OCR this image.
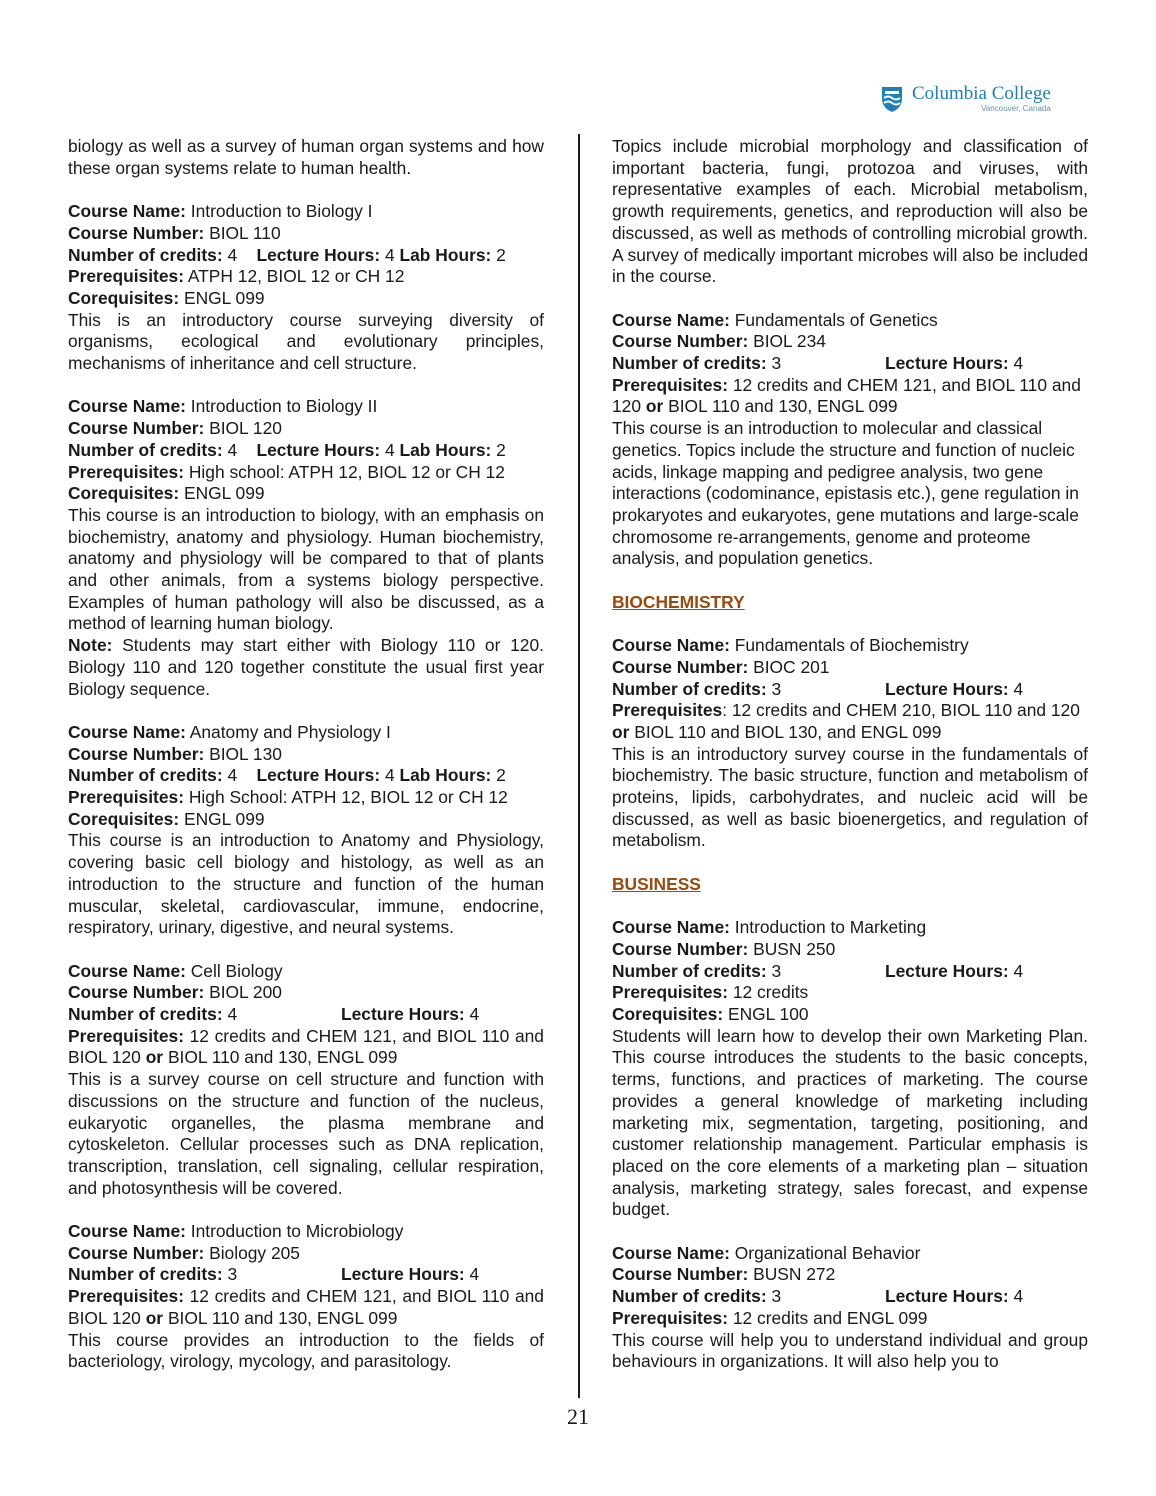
Columbia College
Vancouver, Canada

biology as well as a survey of human organ systems and how these organ systems relate to human health.

Course Name: Introduction to Biology I

Course Number: BIOL 110

Number of credits: 4 Lecture Hours: 4 Lab Hours: 2

Prerequisites: ATPH 12, BIOL 12 or CH 12

Corequisites: ENGL 099

This is an introductory course surveying diversity of organisms, ecological and evolutionary principles, mechanisms of inheritance and cell structure.

Course Name: Introduction to Biology II

Course Number: BIOL 120

Number of credits: 4 Lecture Hours: 4 Lab Hours: 2

Prerequisites: High school: ATPH 12, BIOL 12 or CH 12

Corequisites: ENGL 099

This course is an introduction to biology, with an emphasis on biochemistry, anatomy and physiology. Human biochemistry, anatomy and physiology will be compared to that of plants and other animals, from a systems biology perspective. Examples of human pathology will also be discussed, as a method of learning human biology.

Note: Students may start either with Biology 110 or 120. Biology 110 and 120 together constitute the usual first year Biology sequence.

Course Name: Anatomy and Physiology I

Course Number: BIOL 130

Number of credits: 4 Lecture Hours: 4 Lab Hours: 2

Prerequisites: High School: ATPH 12, BIOL 12 or CH 12

Corequisites: ENGL 099

This course is an introduction to Anatomy and Physiology, covering basic cell biology and histology, as well as an introduction to the structure and function of the human muscular, skeletal, cardiovascular, immune, endocrine, respiratory, urinary, digestive, and neural systems.

Course Name: Cell Biology

Course Number: BIOL 200

Number of credits: 4	Lecture Hours: 4

Prerequisites: 12 credits and CHEM 121, and BIOL 110 and BIOL 120 or BIOL 110 and 130, ENGL 099

This is a survey course on cell structure and function with discussions on the structure and function of the nucleus, eukaryotic organelles, the plasma membrane and cytoskeleton. Cellular processes such as DNA replication, transcription, translation, cell signaling, cellular respiration, and photosynthesis will be covered.

Course Name: Introduction to Microbiology

Course Number: Biology 205

Number of credits: 3	Lecture Hours: 4

Prerequisites: 12 credits and CHEM 121, and BIOL 110 and BIOL 120 or BIOL 110 and 130, ENGL 099

This course provides an introduction to the fields of bacteriology, virology, mycology, and parasitology.

Topics include microbial morphology and classification of important bacteria, fungi, protozoa and viruses, with representative examples of each. Microbial metabolism, growth requirements, genetics, and reproduction will also be discussed, as well as methods of controlling microbial growth. A survey of medically important microbes will also be included in the course.

Course Name: Fundamentals of Genetics

Course Number: BIOL 234

Number of credits: 3	Lecture Hours: 4

Prerequisites: 12 credits and CHEM 121, and BIOL 110 and 120 or BIOL 110 and 130, ENGL 099

This course is an introduction to molecular and classical genetics. Topics include the structure and function of nucleic acids, linkage mapping and pedigree analysis, two gene interactions (codominance, epistasis etc.), gene regulation in prokaryotes and eukaryotes, gene mutations and large-scale chromosome re-arrangements, genome and proteome analysis, and population genetics.

BIOCHEMISTRY

Course Name: Fundamentals of Biochemistry

Course Number: BIOC 201

Number of credits: 3	Lecture Hours: 4

Prerequisites: 12 credits and CHEM 210, BIOL 110 and 120 or BIOL 110 and BIOL 130, and ENGL 099

This is an introductory survey course in the fundamentals of biochemistry. The basic structure, function and metabolism of proteins, lipids, carbohydrates, and nucleic acid will be discussed, as well as basic bioenergetics, and regulation of metabolism.

BUSINESS

Course Name: Introduction to Marketing

Course Number: BUSN 250

Number of credits: 3	Lecture Hours: 4

Prerequisites: 12 credits

Corequisites: ENGL 100

Students will learn how to develop their own Marketing Plan. This course introduces the students to the basic concepts, terms, functions, and practices of marketing. The course provides a general knowledge of marketing including marketing mix, segmentation, targeting, positioning, and customer relationship management. Particular emphasis is placed on the core elements of a marketing plan – situation analysis, marketing strategy, sales forecast, and expense budget.

Course Name: Organizational Behavior

Course Number: BUSN 272

Number of credits: 3	Lecture Hours: 4

Prerequisites: 12 credits and ENGL 099

This course will help you to understand individual and group behaviours in organizations. It will also help you to

21
